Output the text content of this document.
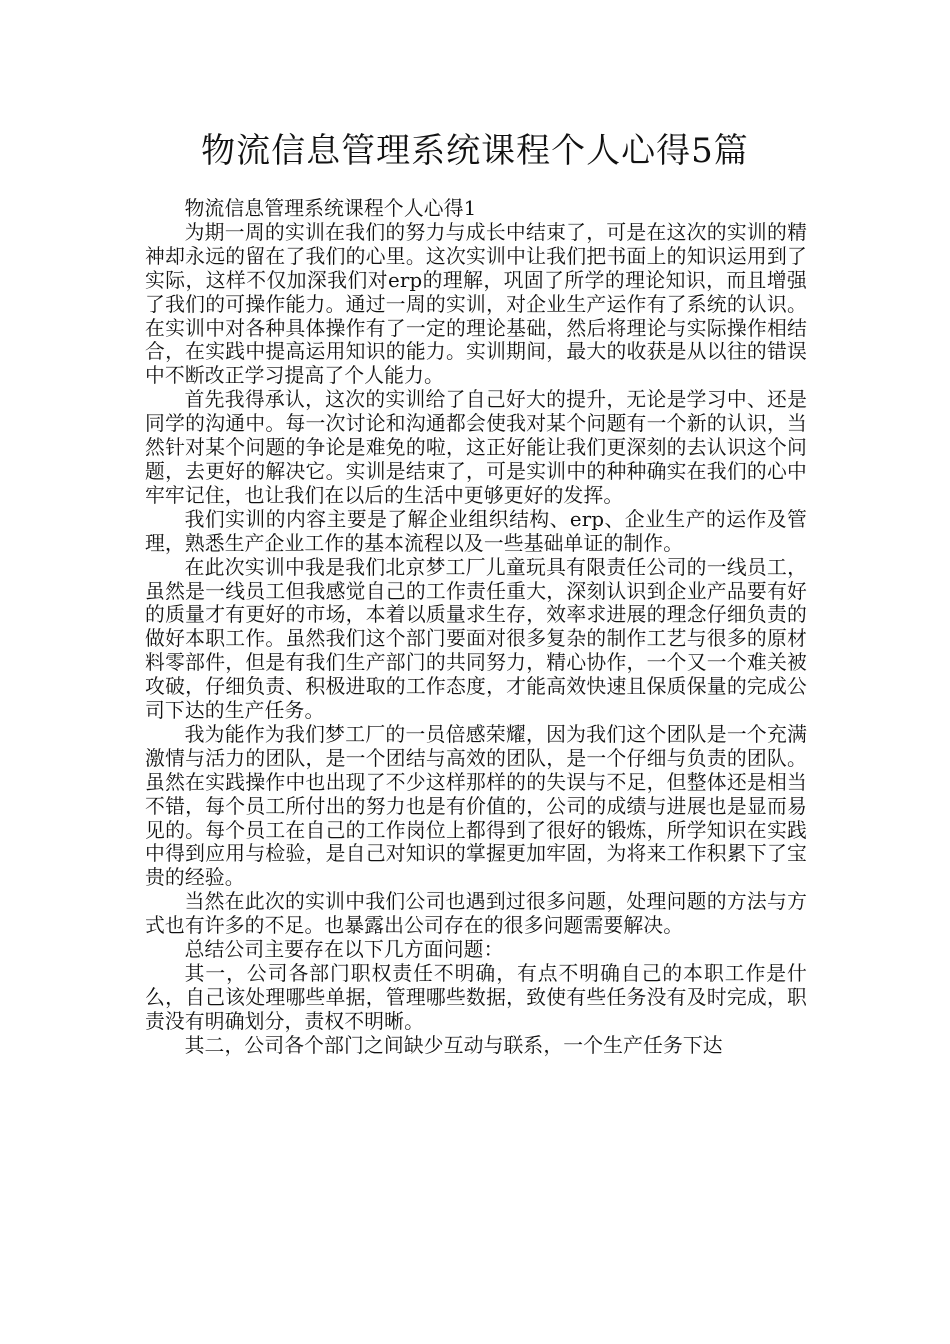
物流信息管理系统课程个人心得5篇

物流信息管理系统课程个人心得1

为期一周的实训在我们的努力与成长中结束了，可是在这次的实训的精神却永远的留在了我们的心里。这次实训中让我们把书面上的知识运用到了实际，这样不仅加深我们对erp的理解，巩固了所学的理论知识，而且增强了我们的可操作能力。通过一周的实训，对企业生产运作有了系统的认识。在实训中对各种具体操作有了一定的理论基础，然后将理论与实际操作相结合，在实践中提高运用知识的能力。实训期间，最大的收获是从以往的错误中不断改正学习提高了个人能力。

首先我得承认，这次的实训给了自己好大的提升，无论是学习中、还是同学的沟通中。每一次讨论和沟通都会使我对某个问题有一个新的认识，当然针对某个问题的争论是难免的啦，这正好能让我们更深刻的去认识这个问题，去更好的解决它。实训是结束了，可是实训中的种种确实在我们的心中牢牢记住，也让我们在以后的生活中更够更好的发挥。

我们实训的内容主要是了解企业组织结构、erp、企业生产的运作及管理，熟悉生产企业工作的基本流程以及一些基础单证的制作。

在此次实训中我是我们北京梦工厂儿童玩具有限责任公司的一线员工，虽然是一线员工但我感觉自己的工作责任重大，深刻认识到企业产品要有好的质量才有更好的市场，本着以质量求生存，效率求进展的理念仔细负责的做好本职工作。虽然我们这个部门要面对很多复杂的制作工艺与很多的原材料零部件，但是有我们生产部门的共同努力，精心协作，一个又一个难关被攻破，仔细负责、积极进取的工作态度，才能高效快速且保质保量的完成公司下达的生产任务。

我为能作为我们梦工厂的一员倍感荣耀，因为我们这个团队是一个充满激情与活力的团队，是一个团结与高效的团队，是一个仔细与负责的团队。虽然在实践操作中也出现了不少这样那样的的失误与不足，但整体还是相当不错，每个员工所付出的努力也是有价值的，公司的成绩与进展也是显而易见的。每个员工在自己的工作岗位上都得到了很好的锻炼，所学知识在实践中得到应用与检验，是自己对知识的掌握更加牢固，为将来工作积累下了宝贵的经验。

当然在此次的实训中我们公司也遇到过很多问题，处理问题的方法与方式也有许多的不足。也暴露出公司存在的很多问题需要解决。

总结公司主要存在以下几方面问题：

其一，公司各部门职权责任不明确，有点不明确自己的本职工作是什么，自己该处理哪些单据，管理哪些数据，致使有些任务没有及时完成，职责没有明确划分，责权不明晰。

其二，公司各个部门之间缺少互动与联系，一个生产任务下达
